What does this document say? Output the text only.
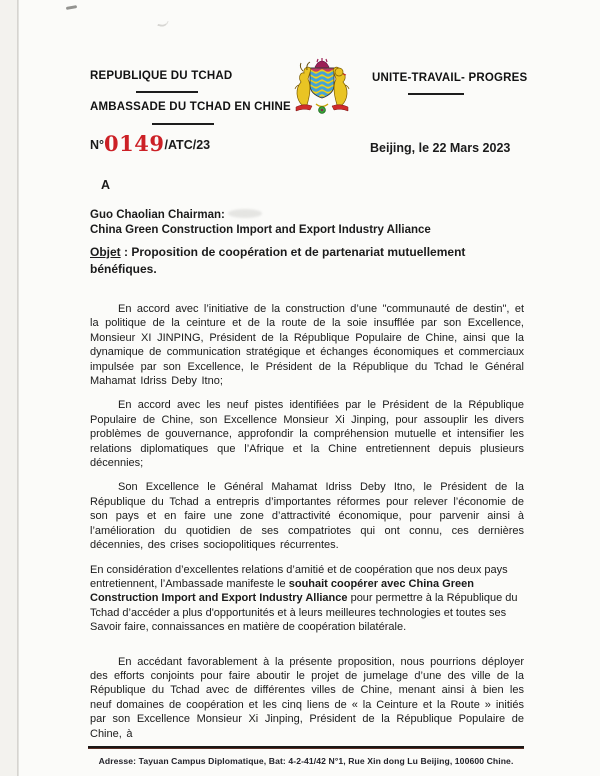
REPUBLIQUE DU TCHAD
AMBASSADE DU TCHAD EN CHINE
UNITE-TRAVAIL- PROGRES
N° 0149 /ATC/23	Beijing, le 22 Mars 2023
A
Guo Chaolian Chairman:
China Green Construction Import and Export Industry Alliance
Objet : Proposition de coopération et de partenariat mutuellement bénéfiques.

En accord avec l’initiative de la construction d’une "communauté de destin", et la politique de la ceinture et de la route de la soie insufflée par son Excellence, Monsieur XI JINPING, Président de la République Populaire de Chine, ainsi que la dynamique de communication stratégique et échanges économiques et commerciaux impulsée par son Excellence, le Président de la République du Tchad le Général Mahamat Idriss Deby Itno;

En accord avec les neuf pistes identifiées par le Président de la République Populaire de Chine, son Excellence Monsieur Xi Jinping, pour assouplir les divers problèmes de gouvernance, approfondir la compréhension mutuelle et intensifier les relations diplomatiques que l’Afrique et la Chine entretiennent depuis plusieurs décennies;

Son Excellence le Général Mahamat Idriss Deby Itno, le Président de la République du Tchad a entrepris d’importantes réformes pour relever l’économie de son pays et en faire une zone d’attractivité économique, pour parvenir ainsi à l’amélioration du quotidien de ses compatriotes qui ont connu, ces dernières décennies, des crises sociopolitiques récurrentes.

En considération d’excellentes relations d’amitié et de coopération que nos deux pays entretiennent, l’Ambassade manifeste le souhait coopérer avec China Green Construction Import and Export Industry Alliance pour permettre à la République du Tchad d’accéder a plus d'opportunités et à leurs meilleures technologies et toutes ses Savoir faire, connaissances en matière de coopération bilatérale.

En accédant favorablement à la présente proposition, nous pourrions déployer des efforts conjoints pour faire aboutir le projet de jumelage d’une des ville de la République du Tchad avec de différentes villes de Chine, menant ainsi à bien les neuf domaines de coopération et les cinq liens de « la Ceinture et la Route » initiés par son Excellence Monsieur Xi Jinping, Président de la République Populaire de Chine, à

Adresse: Tayuan Campus Diplomatique, Bat: 4-2-41/42 N°1, Rue Xin dong Lu Beijing, 100600 Chine.
